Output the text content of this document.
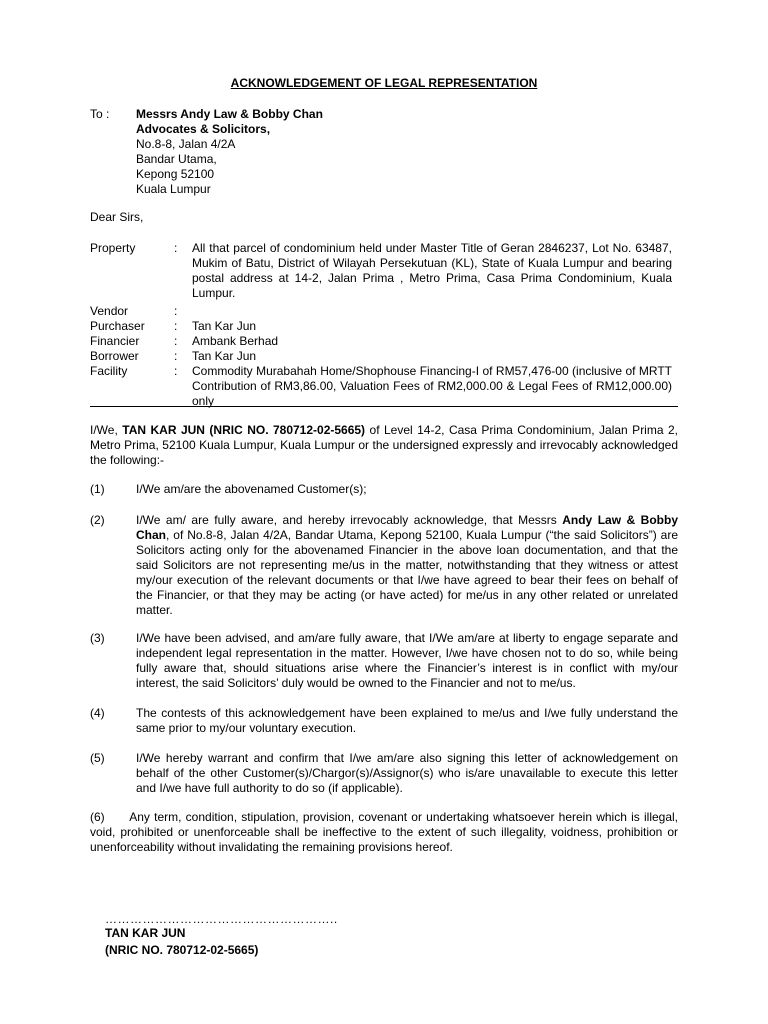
ACKNOWLEDGEMENT OF LEGAL REPRESENTATION
To : Messrs Andy Law & Bobby Chan
Advocates & Solicitors,
No.8-8, Jalan 4/2A
Bandar Utama,
Kepong 52100
Kuala Lumpur
Dear Sirs,
Property	: All that parcel of condominium held under Master Title of Geran 2846237, Lot No. 63487, Mukim of Batu, District of Wilayah Persekutuan (KL), State of Kuala Lumpur and bearing postal address at 14-2, Jalan Prima , Metro Prima, Casa Prima Condominium, Kuala Lumpur.
Vendor	:
Purchaser : Tan Kar Jun
Financier	: Ambank Berhad
Borrower	: Tan Kar Jun
Facility	: Commodity Murabahah Home/Shophouse Financing-I of RM57,476-00 (inclusive of MRTT Contribution of RM3,86.00, Valuation Fees of RM2,000.00 & Legal Fees of RM12,000.00) only
I/We, TAN KAR JUN (NRIC NO. 780712-02-5665) of Level 14-2, Casa Prima Condominium, Jalan Prima 2, Metro Prima, 52100 Kuala Lumpur, Kuala Lumpur or the undersigned expressly and irrevocably acknowledged the following:-
(1)	I/We am/are the abovenamed Customer(s);
(2)	I/We am/ are fully aware, and hereby irrevocably acknowledge, that Messrs Andy Law & Bobby Chan, of No.8-8, Jalan 4/2A, Bandar Utama, Kepong 52100, Kuala Lumpur (“the said Solicitors”) are Solicitors acting only for the abovenamed Financier in the above loan documentation, and that the said Solicitors are not representing me/us in the matter, notwithstanding that they witness or attest my/our execution of the relevant documents or that I/we have agreed to bear their fees on behalf of the Financier, or that they may be acting (or have acted) for me/us in any other related or unrelated matter.
(3)	I/We have been advised, and am/are fully aware, that I/We am/are at liberty to engage separate and independent legal representation in the matter. However, I/we have chosen not to do so, while being fully aware that, should situations arise where the Financier’s interest is in conflict with my/our interest, the said Solicitors’ duly would be owned to the Financier and not to me/us.
(4)	The contests of this acknowledgement have been explained to me/us and I/we fully understand the same prior to my/our voluntary execution.
(5)	I/We hereby warrant and confirm that I/we am/are also signing this letter of acknowledgement on behalf of the other Customer(s)/Chargor(s)/Assignor(s) who is/are unavailable to execute this letter and I/we have full authority to do so (if applicable).
(6)      Any term, condition, stipulation, provision, covenant or undertaking whatsoever herein which is illegal, void, prohibited or unenforceable shall be ineffective to the extent of such illegality, voidness, prohibition or unenforceability without invalidating the remaining provisions hereof.
………………………………………………..
TAN KAR JUN
(NRIC NO. 780712-02-5665)
